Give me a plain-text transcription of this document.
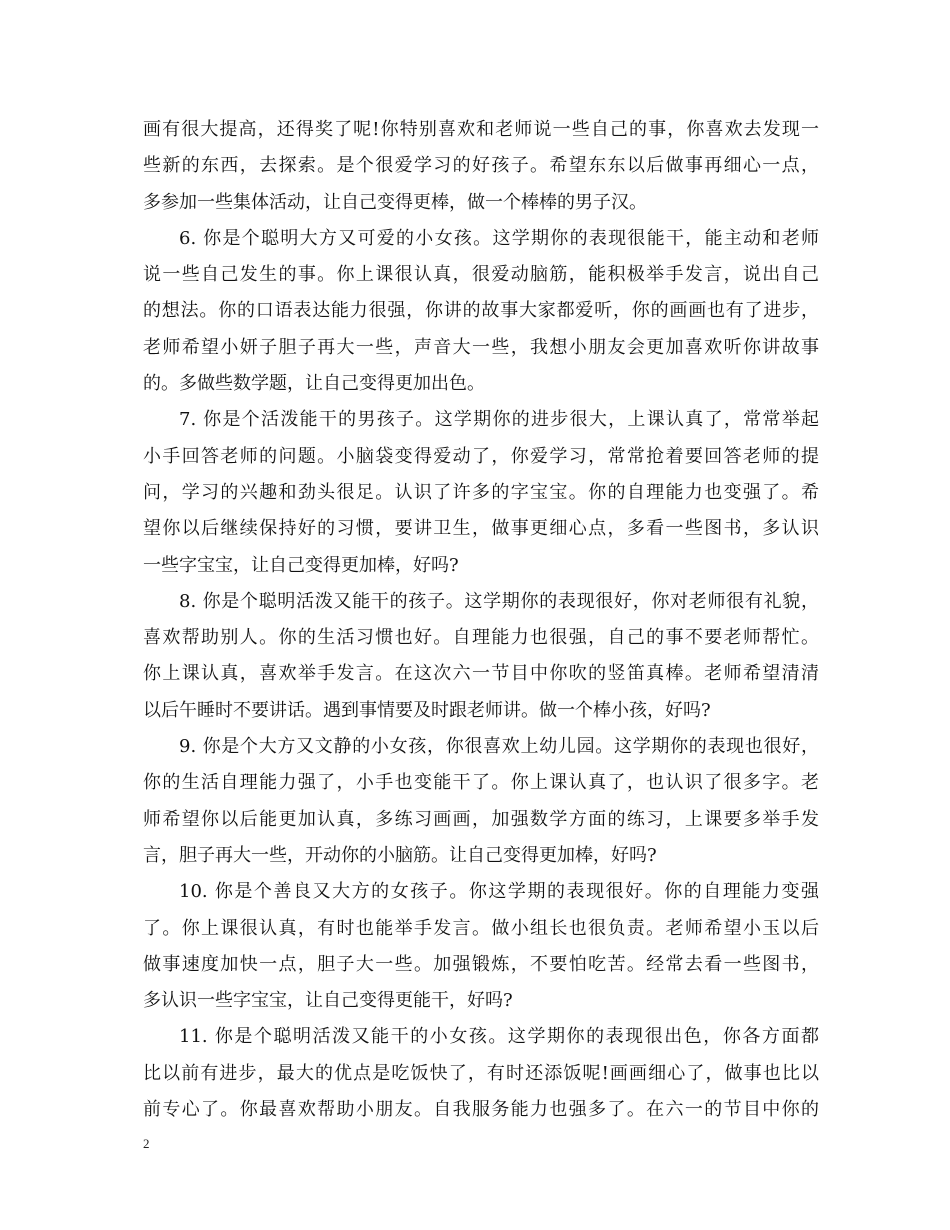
画有很大提高，还得奖了呢!你特别喜欢和老师说一些自己的事，你喜欢去发现一
些新的东西，去探索。是个很爱学习的好孩子。希望东东以后做事再细心一点，
多参加一些集体活动，让自己变得更棒，做一个棒棒的男子汉。
6. 你是个聪明大方又可爱的小女孩。这学期你的表现很能干，能主动和老师
说一些自己发生的事。你上课很认真，很爱动脑筋，能积极举手发言，说出自己
的想法。你的口语表达能力很强，你讲的故事大家都爱听，你的画画也有了进步，
老师希望小妍子胆子再大一些，声音大一些，我想小朋友会更加喜欢听你讲故事
的。多做些数学题，让自己变得更加出色。
7. 你是个活泼能干的男孩子。这学期你的进步很大，上课认真了，常常举起
小手回答老师的问题。小脑袋变得爱动了，你爱学习，常常抢着要回答老师的提
问，学习的兴趣和劲头很足。认识了许多的字宝宝。你的自理能力也变强了。希
望你以后继续保持好的习惯，要讲卫生，做事更细心点，多看一些图书，多认识
一些字宝宝，让自己变得更加棒，好吗?
8. 你是个聪明活泼又能干的孩子。这学期你的表现很好，你对老师很有礼貌，
喜欢帮助别人。你的生活习惯也好。自理能力也很强，自己的事不要老师帮忙。
你上课认真，喜欢举手发言。在这次六一节目中你吹的竖笛真棒。老师希望清清
以后午睡时不要讲话。遇到事情要及时跟老师讲。做一个棒小孩，好吗?
9. 你是个大方又文静的小女孩，你很喜欢上幼儿园。这学期你的表现也很好，
你的生活自理能力强了，小手也变能干了。你上课认真了，也认识了很多字。老
师希望你以后能更加认真，多练习画画，加强数学方面的练习，上课要多举手发
言，胆子再大一些，开动你的小脑筋。让自己变得更加棒，好吗?
10. 你是个善良又大方的女孩子。你这学期的表现很好。你的自理能力变强
了。你上课很认真，有时也能举手发言。做小组长也很负责。老师希望小玉以后
做事速度加快一点，胆子大一些。加强锻炼，不要怕吃苦。经常去看一些图书，
多认识一些字宝宝，让自己变得更能干，好吗?
11. 你是个聪明活泼又能干的小女孩。这学期你的表现很出色，你各方面都
比以前有进步，最大的优点是吃饭快了，有时还添饭呢!画画细心了，做事也比以
前专心了。你最喜欢帮助小朋友。自我服务能力也强多了。在六一的节目中你的
2
